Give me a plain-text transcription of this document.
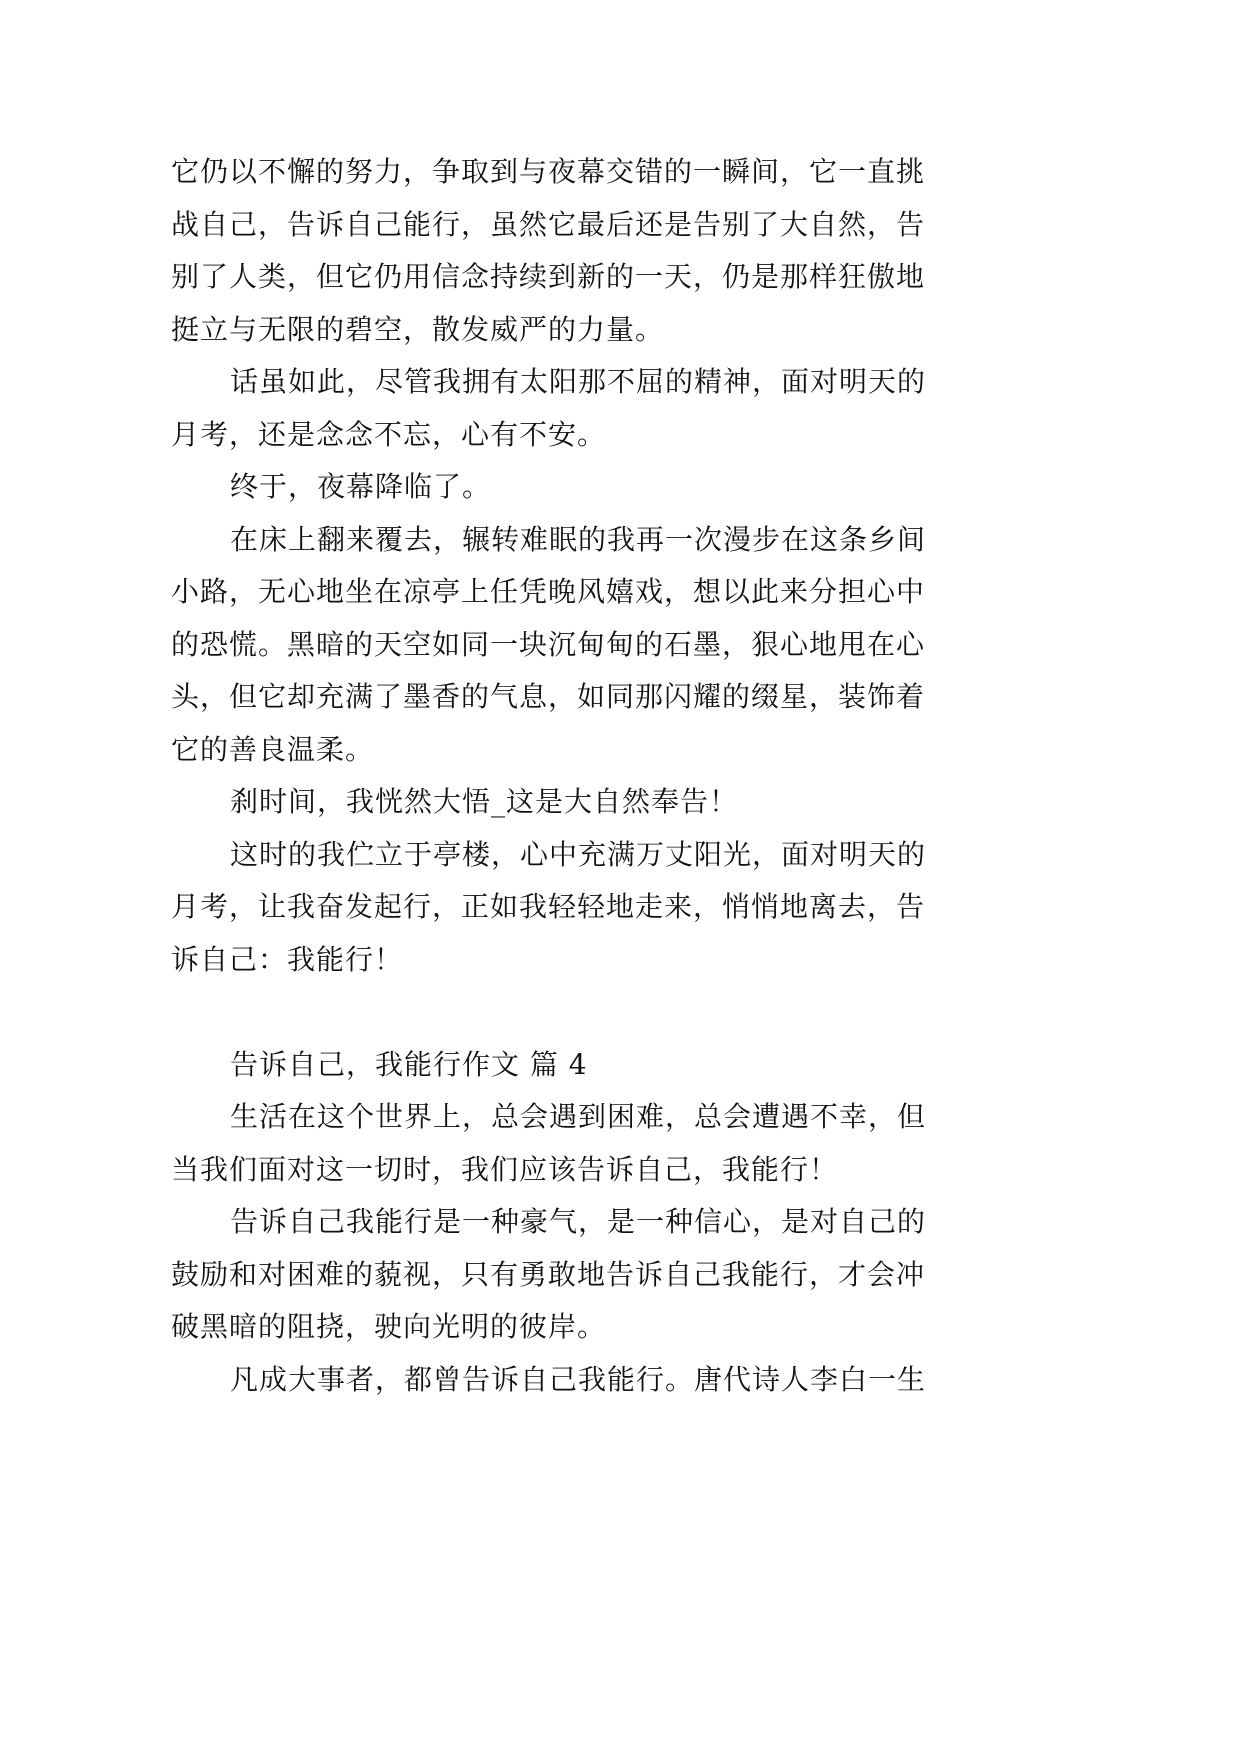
它仍以不懈的努力，争取到与夜幕交错的一瞬间，它一直挑
战自己，告诉自己能行，虽然它最后还是告别了大自然，告
别了人类，但它仍用信念持续到新的一天，仍是那样狂傲地
挺立与无限的碧空，散发威严的力量。
话虽如此，尽管我拥有太阳那不屈的精神，面对明天的
月考，还是念念不忘，心有不安。
终于，夜幕降临了。
在床上翻来覆去，辗转难眠的我再一次漫步在这条乡间
小路，无心地坐在凉亭上任凭晚风嬉戏，想以此来分担心中
的恐慌。黑暗的天空如同一块沉甸甸的石墨，狠心地甩在心
头，但它却充满了墨香的气息，如同那闪耀的缀星，装饰着
它的善良温柔。
刹时间，我恍然大悟_这是大自然奉告！
这时的我伫立于亭楼，心中充满万丈阳光，面对明天的
月考，让我奋发起行，正如我轻轻地走来，悄悄地离去，告
诉自己：我能行！
告诉自己，我能行作文 篇 4
生活在这个世界上，总会遇到困难，总会遭遇不幸，但
当我们面对这一切时，我们应该告诉自己，我能行！
告诉自己我能行是一种豪气，是一种信心，是对自己的
鼓励和对困难的藐视，只有勇敢地告诉自己我能行，才会冲
破黑暗的阻挠，驶向光明的彼岸。
凡成大事者，都曾告诉自己我能行。唐代诗人李白一生
